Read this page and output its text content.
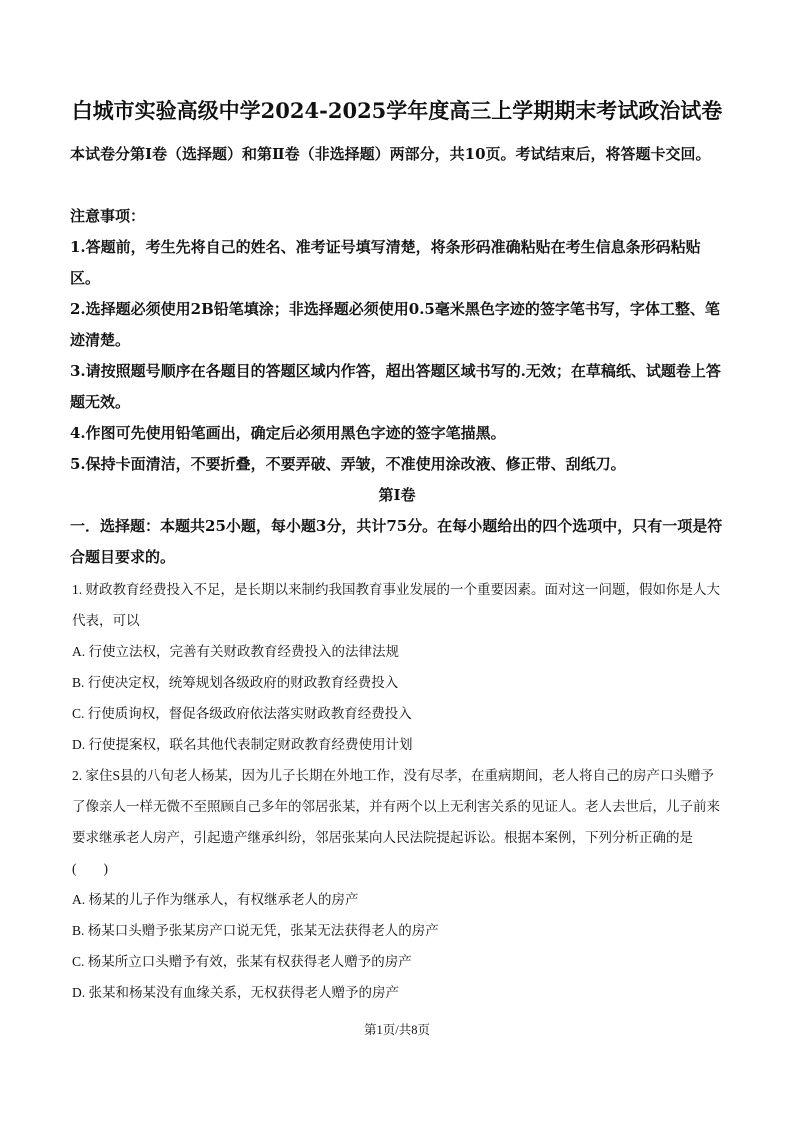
白城市实验高级中学2024-2025学年度高三上学期期末考试政治试卷
本试卷分第Ⅰ卷（选择题）和第Ⅱ卷（非选择题）两部分，共10页。考试结束后，将答题卡交回。
注意事项：
1.答题前，考生先将自己的姓名、准考证号填写清楚，将条形码准确粘贴在考生信息条形码粘贴区。
2.选择题必须使用2B铅笔填涂；非选择题必须使用0.5毫米黑色字迹的签字笔书写，字体工整、笔迹清楚。
3.请按照题号顺序在各题目的答题区域内作答，超出答题区域书写的.无效；在草稿纸、试题卷上答题无效。
4.作图可先使用铅笔画出，确定后必须用黑色字迹的签字笔描黑。
5.保持卡面清洁，不要折叠，不要弄破、弄皱，不准使用涂改液、修正带、刮纸刀。
第Ⅰ卷
一．选择题：本题共25小题，每小题3分，共计75分。在每小题给出的四个选项中，只有一项是符合题目要求的。
1. 财政教育经费投入不足，是长期以来制约我国教育事业发展的一个重要因素。面对这一问题，假如你是人大代表，可以
A. 行使立法权，完善有关财政教育经费投入的法律法规
B. 行使决定权，统筹规划各级政府的财政教育经费投入
C. 行使质询权，督促各级政府依法落实财政教育经费投入
D. 行使提案权，联名其他代表制定财政教育经费使用计划
2. 家住S县的八旬老人杨某，因为儿子长期在外地工作，没有尽孝，在重病期间，老人将自己的房产口头赠予了像亲人一样无微不至照顾自己多年的邻居张某，并有两个以上无利害关系的见证人。老人去世后，儿子前来要求继承老人房产，引起遗产继承纠纷，邻居张某向人民法院提起诉讼。根据本案例，下列分析正确的是(　　)
A. 杨某的儿子作为继承人，有权继承老人的房产
B. 杨某口头赠予张某房产口说无凭，张某无法获得老人的房产
C. 杨某所立口头赠予有效，张某有权获得老人赠予的房产
D. 张某和杨某没有血缘关系，无权获得老人赠予的房产
第1页/共8页
